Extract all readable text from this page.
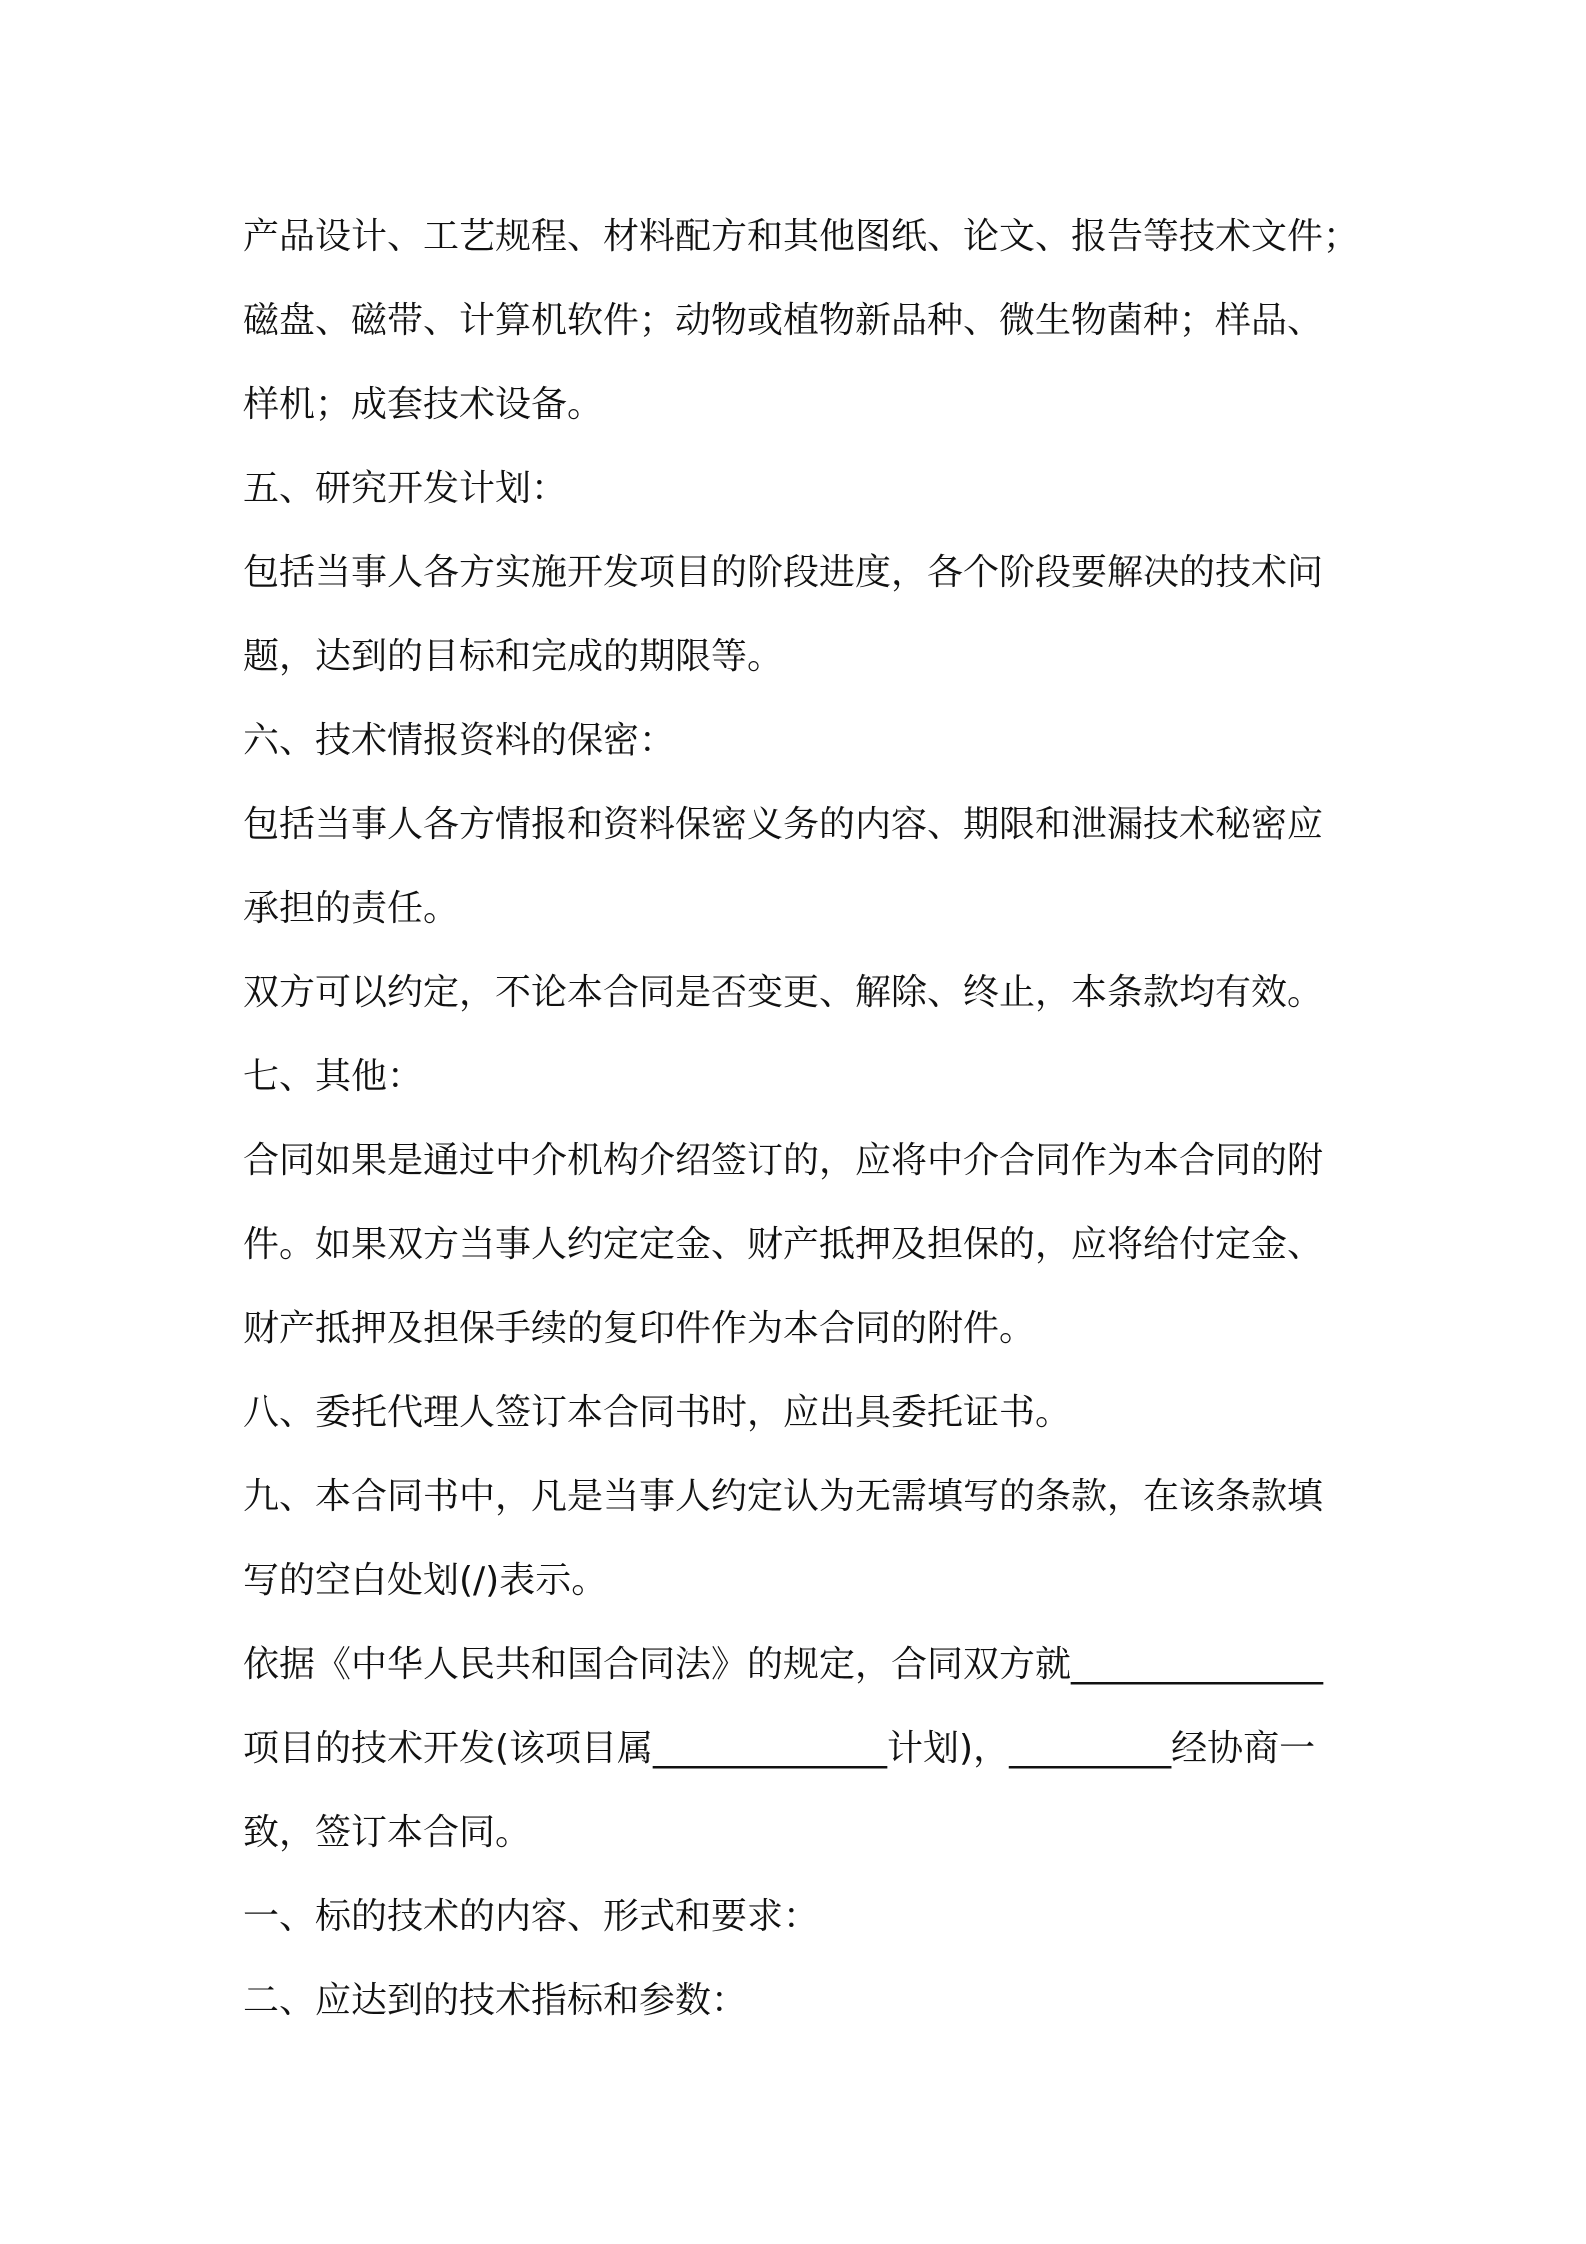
产品设计、工艺规程、材料配方和其他图纸、论文、报告等技术文件；
磁盘、磁带、计算机软件；动物或植物新品种、微生物菌种；样品、
样机；成套技术设备。
五、研究开发计划：
包括当事人各方实施开发项目的阶段进度，各个阶段要解决的技术问
题，达到的目标和完成的期限等。
六、技术情报资料的保密：
包括当事人各方情报和资料保密义务的内容、期限和泄漏技术秘密应
承担的责任。
双方可以约定，不论本合同是否变更、解除、终止，本条款均有效。
七、其他：
合同如果是通过中介机构介绍签订的，应将中介合同作为本合同的附
件。如果双方当事人约定定金、财产抵押及担保的，应将给付定金、
财产抵押及担保手续的复印件作为本合同的附件。
八、委托代理人签订本合同书时，应出具委托证书。
九、本合同书中，凡是当事人约定认为无需填写的条款，在该条款填
写的空白处划(/)表示。
依据《中华人民共和国合同法》的规定，合同双方就______________
项目的技术开发(该项目属_____________计划)，_________经协商一
致，签订本合同。
一、标的技术的内容、形式和要求：
二、应达到的技术指标和参数：
